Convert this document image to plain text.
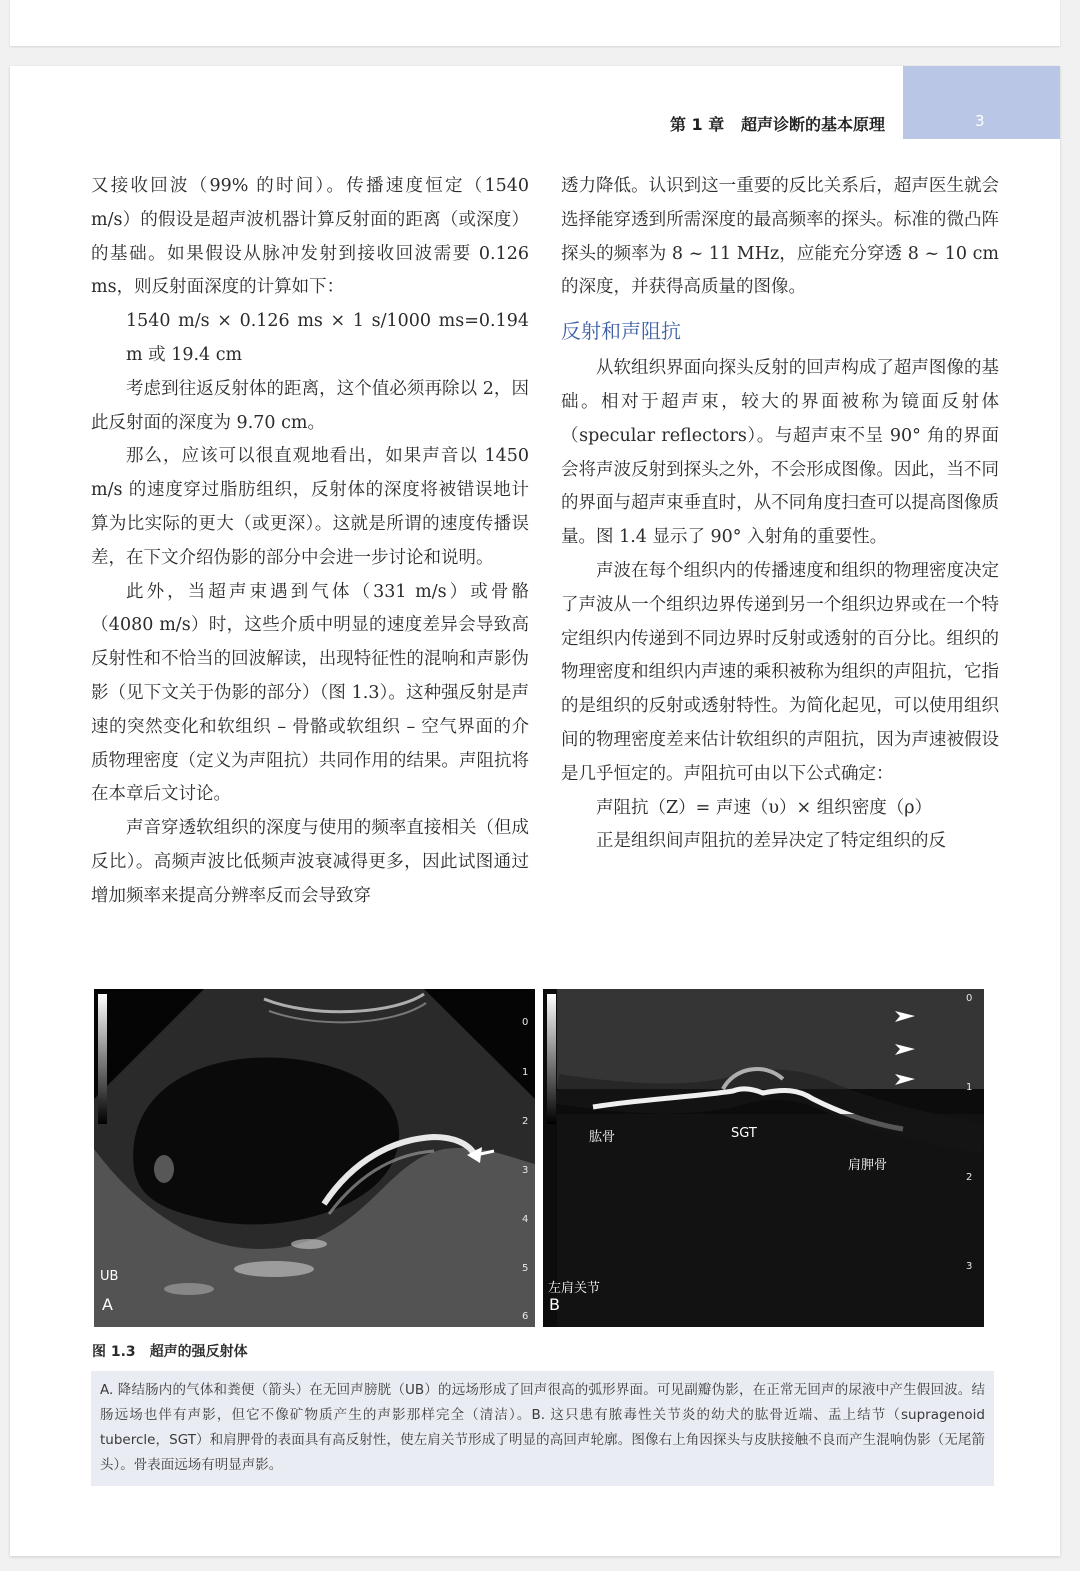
第 1 章 超声诊断的基本原理	3

又接收回波（99% 的时间）。传播速度恒定（1540 m/s）的假设是超声波机器计算反射面的距离（或深度）的基础。如果假设从脉冲发射到接收回波需要 0.126 ms，则反射面深度的计算如下：

1540 m/s × 0.126 ms × 1 s/1000 ms=0.194 m 或 19.4 cm

考虑到往返反射体的距离，这个值必须再除以 2，因此反射面的深度为 9.70 cm。

那么，应该可以很直观地看出，如果声音以 1450 m/s 的速度穿过脂肪组织，反射体的深度将被错误地计算为比实际的更大（或更深）。这就是所谓的速度传播误差，在下文介绍伪影的部分中会进一步讨论和说明。

此外，当超声束遇到气体（331 m/s）或骨骼（4080 m/s）时，这些介质中明显的速度差异会导致高反射性和不恰当的回波解读，出现特征性的混响和声影伪影（见下文关于伪影的部分）（图 1.3）。这种强反射是声速的突然变化和软组织 – 骨骼或软组织 – 空气界面的介质物理密度（定义为声阻抗）共同作用的结果。声阻抗将在本章后文讨论。

声音穿透软组织的深度与使用的频率直接相关（但成反比）。高频声波比低频声波衰减得更多，因此试图通过增加频率来提高分辨率反而会导致穿

透力降低。认识到这一重要的反比关系后，超声医生就会选择能穿透到所需深度的最高频率的探头。标准的微凸阵探头的频率为 8 ~ 11 MHz，应能充分穿透 8 ~ 10 cm 的深度，并获得高质量的图像。

反射和声阻抗

从软组织界面向探头反射的回声构成了超声图像的基础。相对于超声束，较大的界面被称为镜面反射体（specular reflectors）。与超声束不呈 90° 角的界面会将声波反射到探头之外，不会形成图像。因此，当不同的界面与超声束垂直时，从不同角度扫查可以提高图像质量。图 1.4 显示了 90° 入射角的重要性。

声波在每个组织内的传播速度和组织的物理密度决定了声波从一个组织边界传递到另一个组织边界或在一个特定组织内传递到不同边界时反射或透射的百分比。组织的物理密度和组织内声速的乘积被称为组织的声阻抗，它指的是组织的反射或透射特性。为简化起见，可以使用组织间的物理密度差来估计软组织的声阻抗，因为声速被假设是几乎恒定的。声阻抗可由以下公式确定：

声阻抗（Z）= 声速（υ）× 组织密度（ρ）

正是组织间声阻抗的差异决定了特定组织的反

UB
A
0
1
2
3
4
5
6
肱骨	SGT
肩胛骨
左肩关节
B
0
1
2
3
图 1.3 超声的强反射体
A. 降结肠内的气体和粪便（箭头）在无回声膀胱（UB）的远场形成了回声很高的弧形界面。可见副瓣伪影，在正常无回声的尿液中产生假回波。结肠远场也伴有声影，但它不像矿物质产生的声影那样完全（清洁）。B. 这只患有脓毒性关节炎的幼犬的肱骨近端、盂上结节（supragenoid tubercle，SGT）和肩胛骨的表面具有高反射性，使左肩关节形成了明显的高回声轮廓。图像右上角因探头与皮肤接触不良而产生混响伪影（无尾箭头）。骨表面远场有明显声影。
